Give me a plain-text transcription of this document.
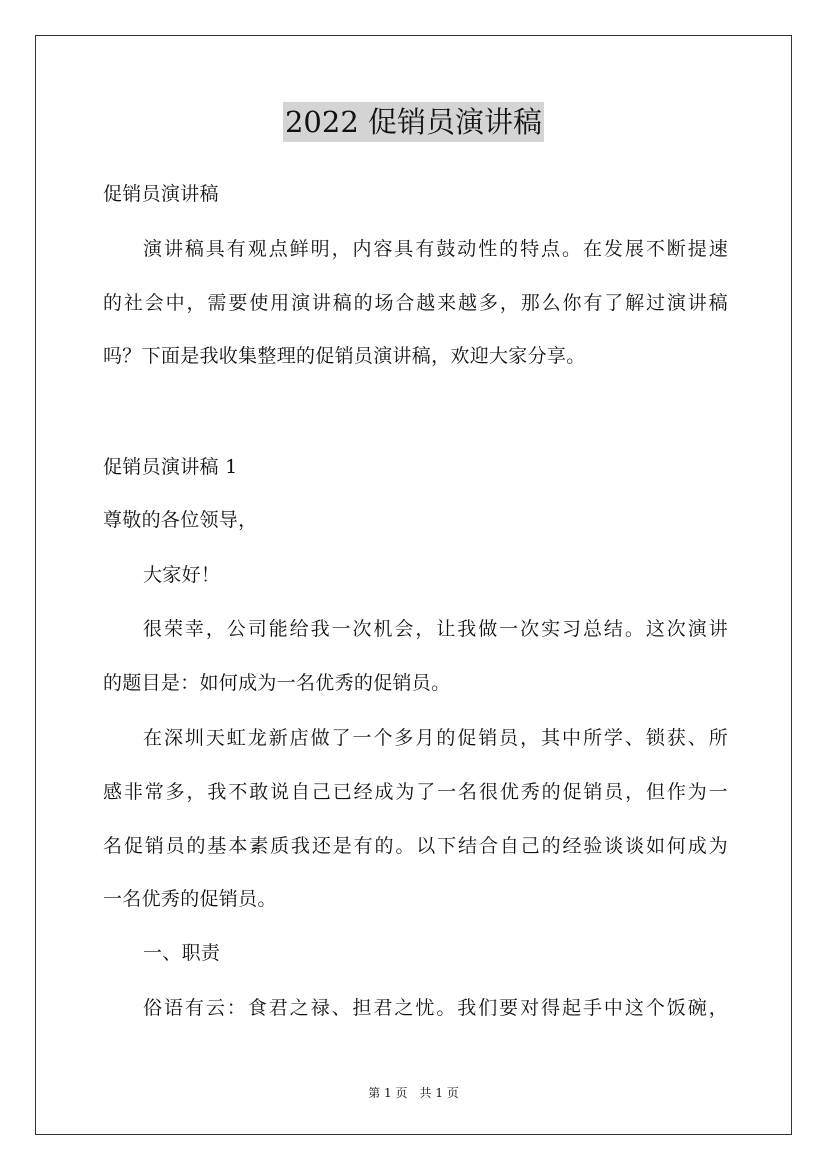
2022 促销员演讲稿
促销员演讲稿
演讲稿具有观点鲜明，内容具有鼓动性的特点。在发展不断提速
的社会中，需要使用演讲稿的场合越来越多，那么你有了解过演讲稿
吗？下面是我收集整理的促销员演讲稿，欢迎大家分享。
促销员演讲稿 1
尊敬的各位领导，
大家好！
很荣幸，公司能给我一次机会，让我做一次实习总结。这次演讲
的题目是：如何成为一名优秀的促销员。
在深圳天虹龙新店做了一个多月的促销员，其中所学、锁获、所
感非常多，我不敢说自己已经成为了一名很优秀的促销员，但作为一
名促销员的基本素质我还是有的。以下结合自己的经验谈谈如何成为
一名优秀的促销员。
一、职责
俗语有云：食君之禄、担君之忧。我们要对得起手中这个饭碗，
第 1 页　共 1 页
